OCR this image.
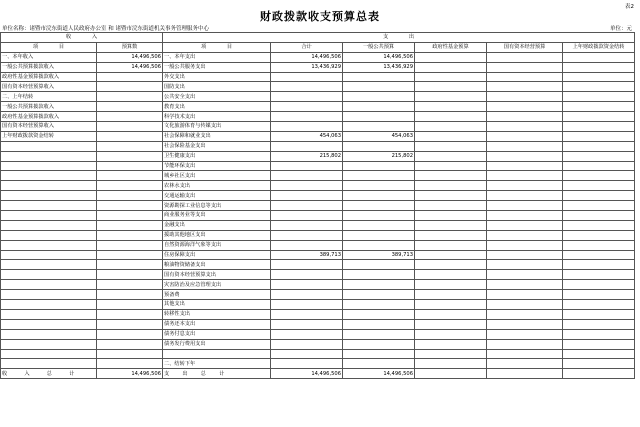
财政拨款收支预算总表
表2
单位名称：诸暨市浣东街道人民政府办公室 和 诸暨市浣东街道机关事务管理服务中心	单位：元
收　　　　入		支　　　　出					
项　　　　目	预算数	项　　　　目	合计	一般公共预算	政府性基金预算	国有资本经营预算	上年财政拨款资金结转
一、本年收入	14,496,506	一、本年支出	14,496,506	14,496,506			
一般公共预算拨款收入	14,496,506	一般公共服务支出	13,436,929	13,436,929			
政府性基金预算拨款收入		外交支出					
国有资本经营预算收入		国防支出					
二、上年结转		公共安全支出					
一般公共预算拨款收入		教育支出					
政府性基金预算拨款收入		科学技术支出					
国有资本经营预算收入		文化旅游体育与传媒支出					
上年财政拨款资金结转		社会保障和就业支出	454,063	454,063			
		社会保险基金支出					
		卫生健康支出	215,802	215,802			
		节能环保支出					
		城乡社区支出					
		农林水支出					
		交通运输支出					
		资源勘探工业信息等支出					
		商业服务业等支出					
		金融支出					
		援助其他地区支出					
		自然资源海洋气象等支出					
		住房保障支出	389,713	389,713			
		粮油物资储备支出					
		国有资本经营预算支出					
		灾害防治及应急管理支出					
		预备费					
		其他支出					
		转移性支出					
		债务还本支出					
		债务付息支出					
		债务发行费用支出					

		二、结转下年					
收　入　总　计	14,496,506	支　出　总　计	14,496,506	14,496,506			
